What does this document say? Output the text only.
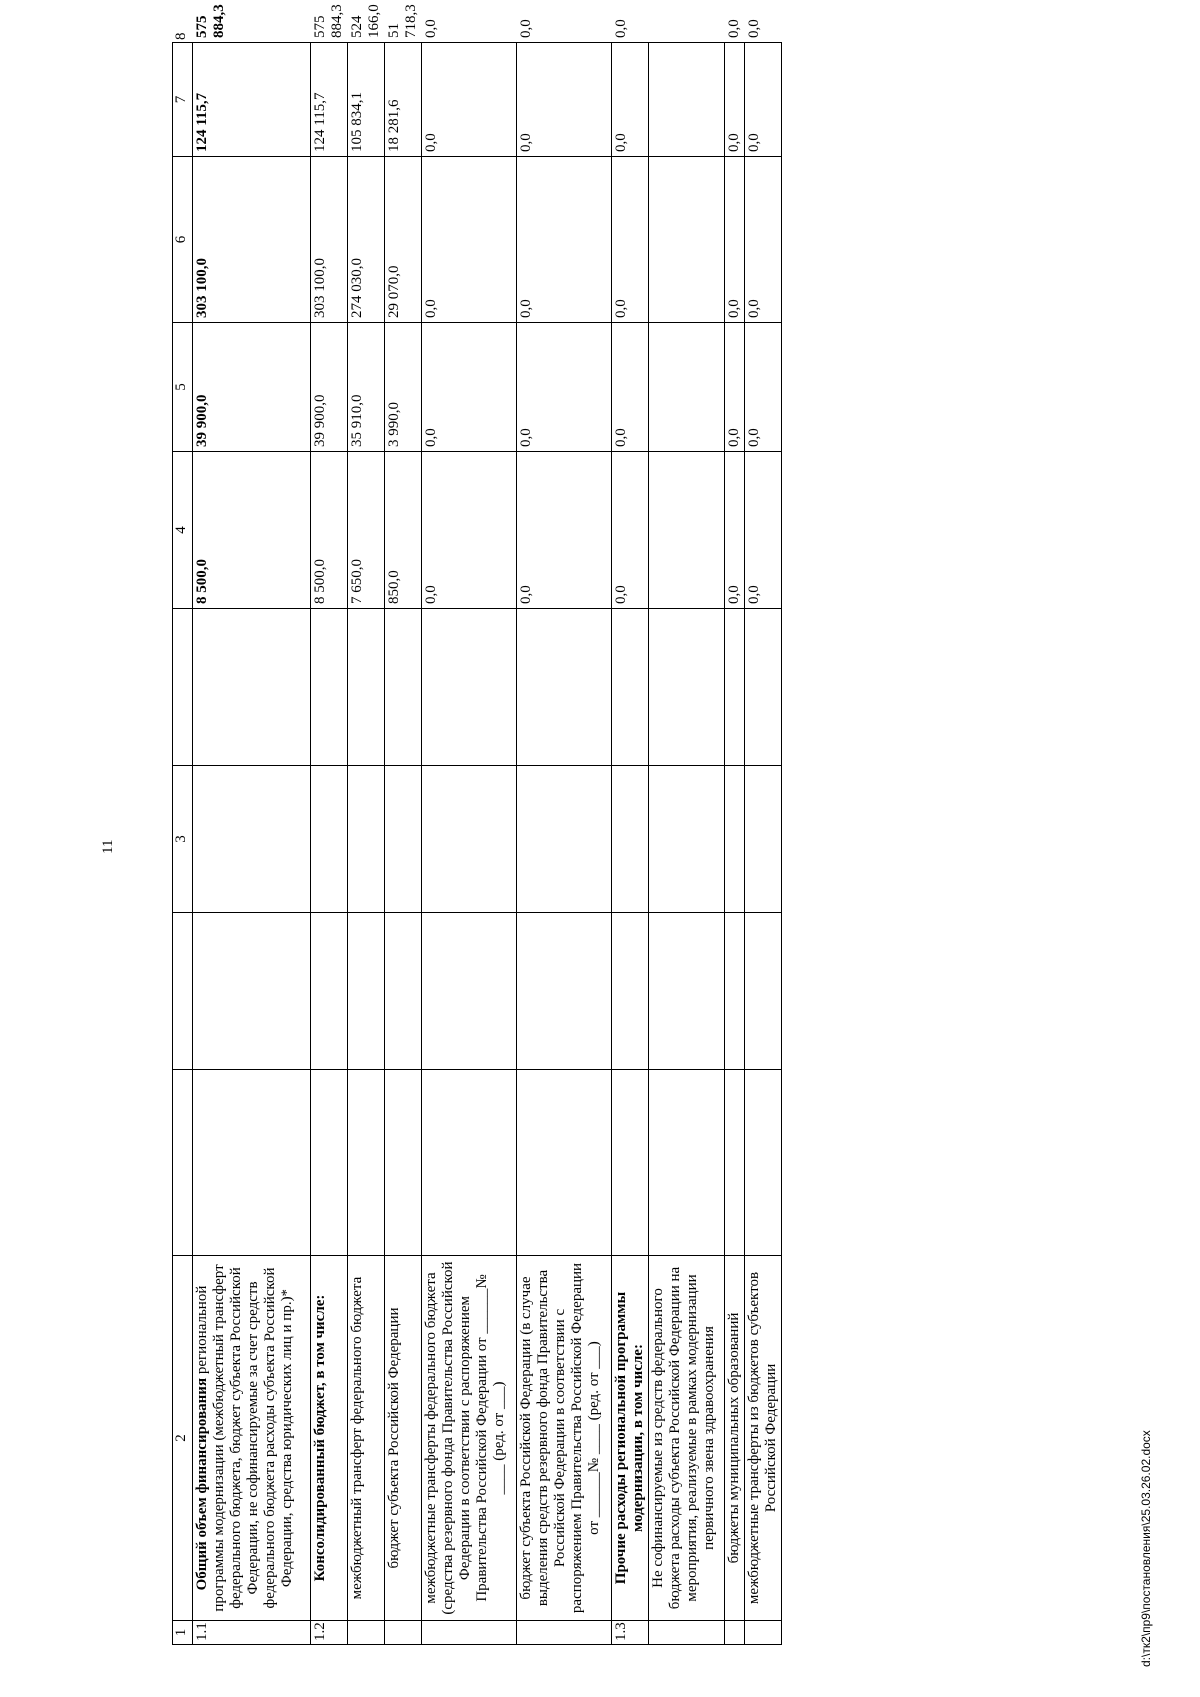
11
1	2			3		4	5	6	7	8
1.1	Общий объем финансирования региональной программы модернизации (межбюджетный трансферт федерального бюджета, бюджет субъекта Российской Федерации, не софинансируемые за счет средств федерального бюджета расходы субъекта Российской Федерации, средства юридических лиц и пр.)*					8 500,0	39 900,0	303 100,0	124 115,7	575 884,3
1.2	Консолидированный бюджет, в том числе:					8 500,0	39 900,0	303 100,0	124 115,7	575 884,3
	межбюджетный трансферт федерального бюджета					7 650,0	35 910,0	274 030,0	105 834,1	524 166,0
	бюджет субъекта Российской Федерации					850,0	3 990,0	29 070,0	18 281,6	51 718,3
	межбюджетные трансферты федерального бюджета (средства резервного фонда Правительства Российской Федерации в соответствии с распоряжением Правительства Российской Федерации от ______№ ____ (ред. от ___)					0,0	0,0	0,0	0,0	0,0
	бюджет субъекта Российской Федерации (в случае выделения средств резервного фонда Правительства Российской Федерации в соответствии с распоряжением Правительства Российской Федерации от ______№ ____ (ред. от ___)					0,0	0,0	0,0	0,0	0,0
1.3	Прочие расходы региональной программы модернизации, в том числе:					0,0	0,0	0,0	0,0	0,0
	Не софинансируемые из средств федерального бюджета расходы субъекта Российской Федерации на мероприятия, реализуемые в рамках модернизации первичного звена здравоохранения									
	бюджеты муниципальных образований					0,0	0,0	0,0	0,0	0,0
	межбюджетные трансферты из бюджетов субъектов Российской Федерации					0,0	0,0	0,0	0,0	0,0
d:\тк2\пр9\постановления\25.03.26.02.docx
